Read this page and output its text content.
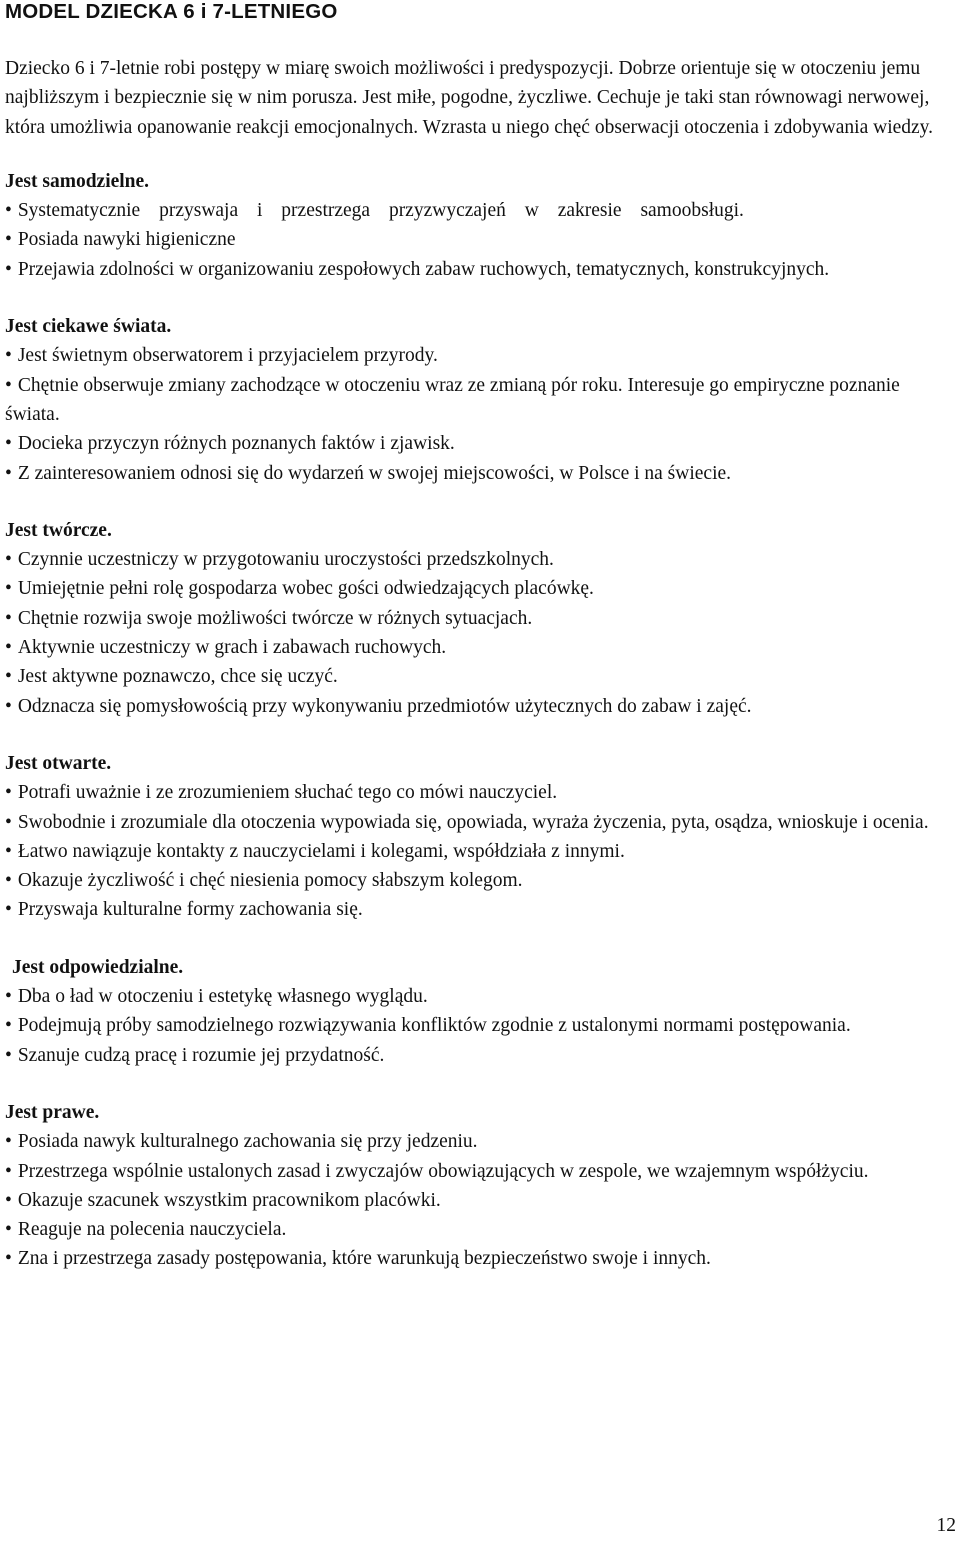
MODEL DZIECKA 6 i 7-LETNIEGO

Dziecko 6 i 7-letnie robi postępy w miarę swoich możliwości i predyspozycji. Dobrze orientuje się w otoczeniu jemu najbliższym i bezpiecznie się w nim porusza. Jest miłe, pogodne, życzliwe. Cechuje je taki stan równowagi nerwowej, która umożliwia opanowanie reakcji emocjonalnych. Wzrasta u niego chęć obserwacji otoczenia i zdobywania wiedzy.

Jest samodzielne.
• Systematycznie przyswaja i przestrzega przyzwyczajeń w zakresie samoobsługi.
• Posiada nawyki higieniczne
• Przejawia zdolności w organizowaniu zespołowych zabaw ruchowych, tematycznych, konstrukcyjnych.
Jest ciekawe świata.
• Jest świetnym obserwatorem i przyjacielem przyrody.
• Chętnie obserwuje zmiany zachodzące w otoczeniu wraz ze zmianą pór roku. Interesuje go empiryczne poznanie świata.
• Docieka przyczyn różnych poznanych faktów i zjawisk.
• Z zainteresowaniem odnosi się do wydarzeń w swojej miejscowości, w Polsce i na świecie.
Jest twórcze.
• Czynnie uczestniczy w przygotowaniu uroczystości przedszkolnych.
• Umiejętnie pełni rolę gospodarza wobec gości odwiedzających placówkę.
• Chętnie rozwija swoje możliwości twórcze w różnych sytuacjach.
• Aktywnie uczestniczy w grach i zabawach ruchowych.
• Jest aktywne poznawczo, chce się uczyć.
• Odznacza się pomysłowością przy wykonywaniu przedmiotów użytecznych do zabaw i zajęć.
Jest otwarte.
• Potrafi uważnie i ze zrozumieniem słuchać tego co mówi nauczyciel.
• Swobodnie i zrozumiale dla otoczenia wypowiada się, opowiada, wyraża życzenia, pyta, osądza, wnioskuje i ocenia.
• Łatwo nawiązuje kontakty z nauczycielami i kolegami, współdziała z innymi.
• Okazuje życzliwość i chęć niesienia pomocy słabszym kolegom.
• Przyswaja kulturalne formy zachowania się.
Jest odpowiedzialne.
• Dba o ład w otoczeniu i estetykę własnego wyglądu.
• Podejmują próby samodzielnego rozwiązywania konfliktów zgodnie z ustalonymi normami postępowania.
• Szanuje cudzą pracę i rozumie jej przydatność.
Jest prawe.
• Posiada nawyk kulturalnego zachowania się przy jedzeniu.
• Przestrzega wspólnie ustalonych zasad i zwyczajów obowiązujących w zespole, we wzajemnym współżyciu.
• Okazuje szacunek wszystkim pracownikom placówki.
• Reaguje na polecenia nauczyciela.
• Zna i przestrzega zasady postępowania, które warunkują bezpieczeństwo swoje i innych.
12
